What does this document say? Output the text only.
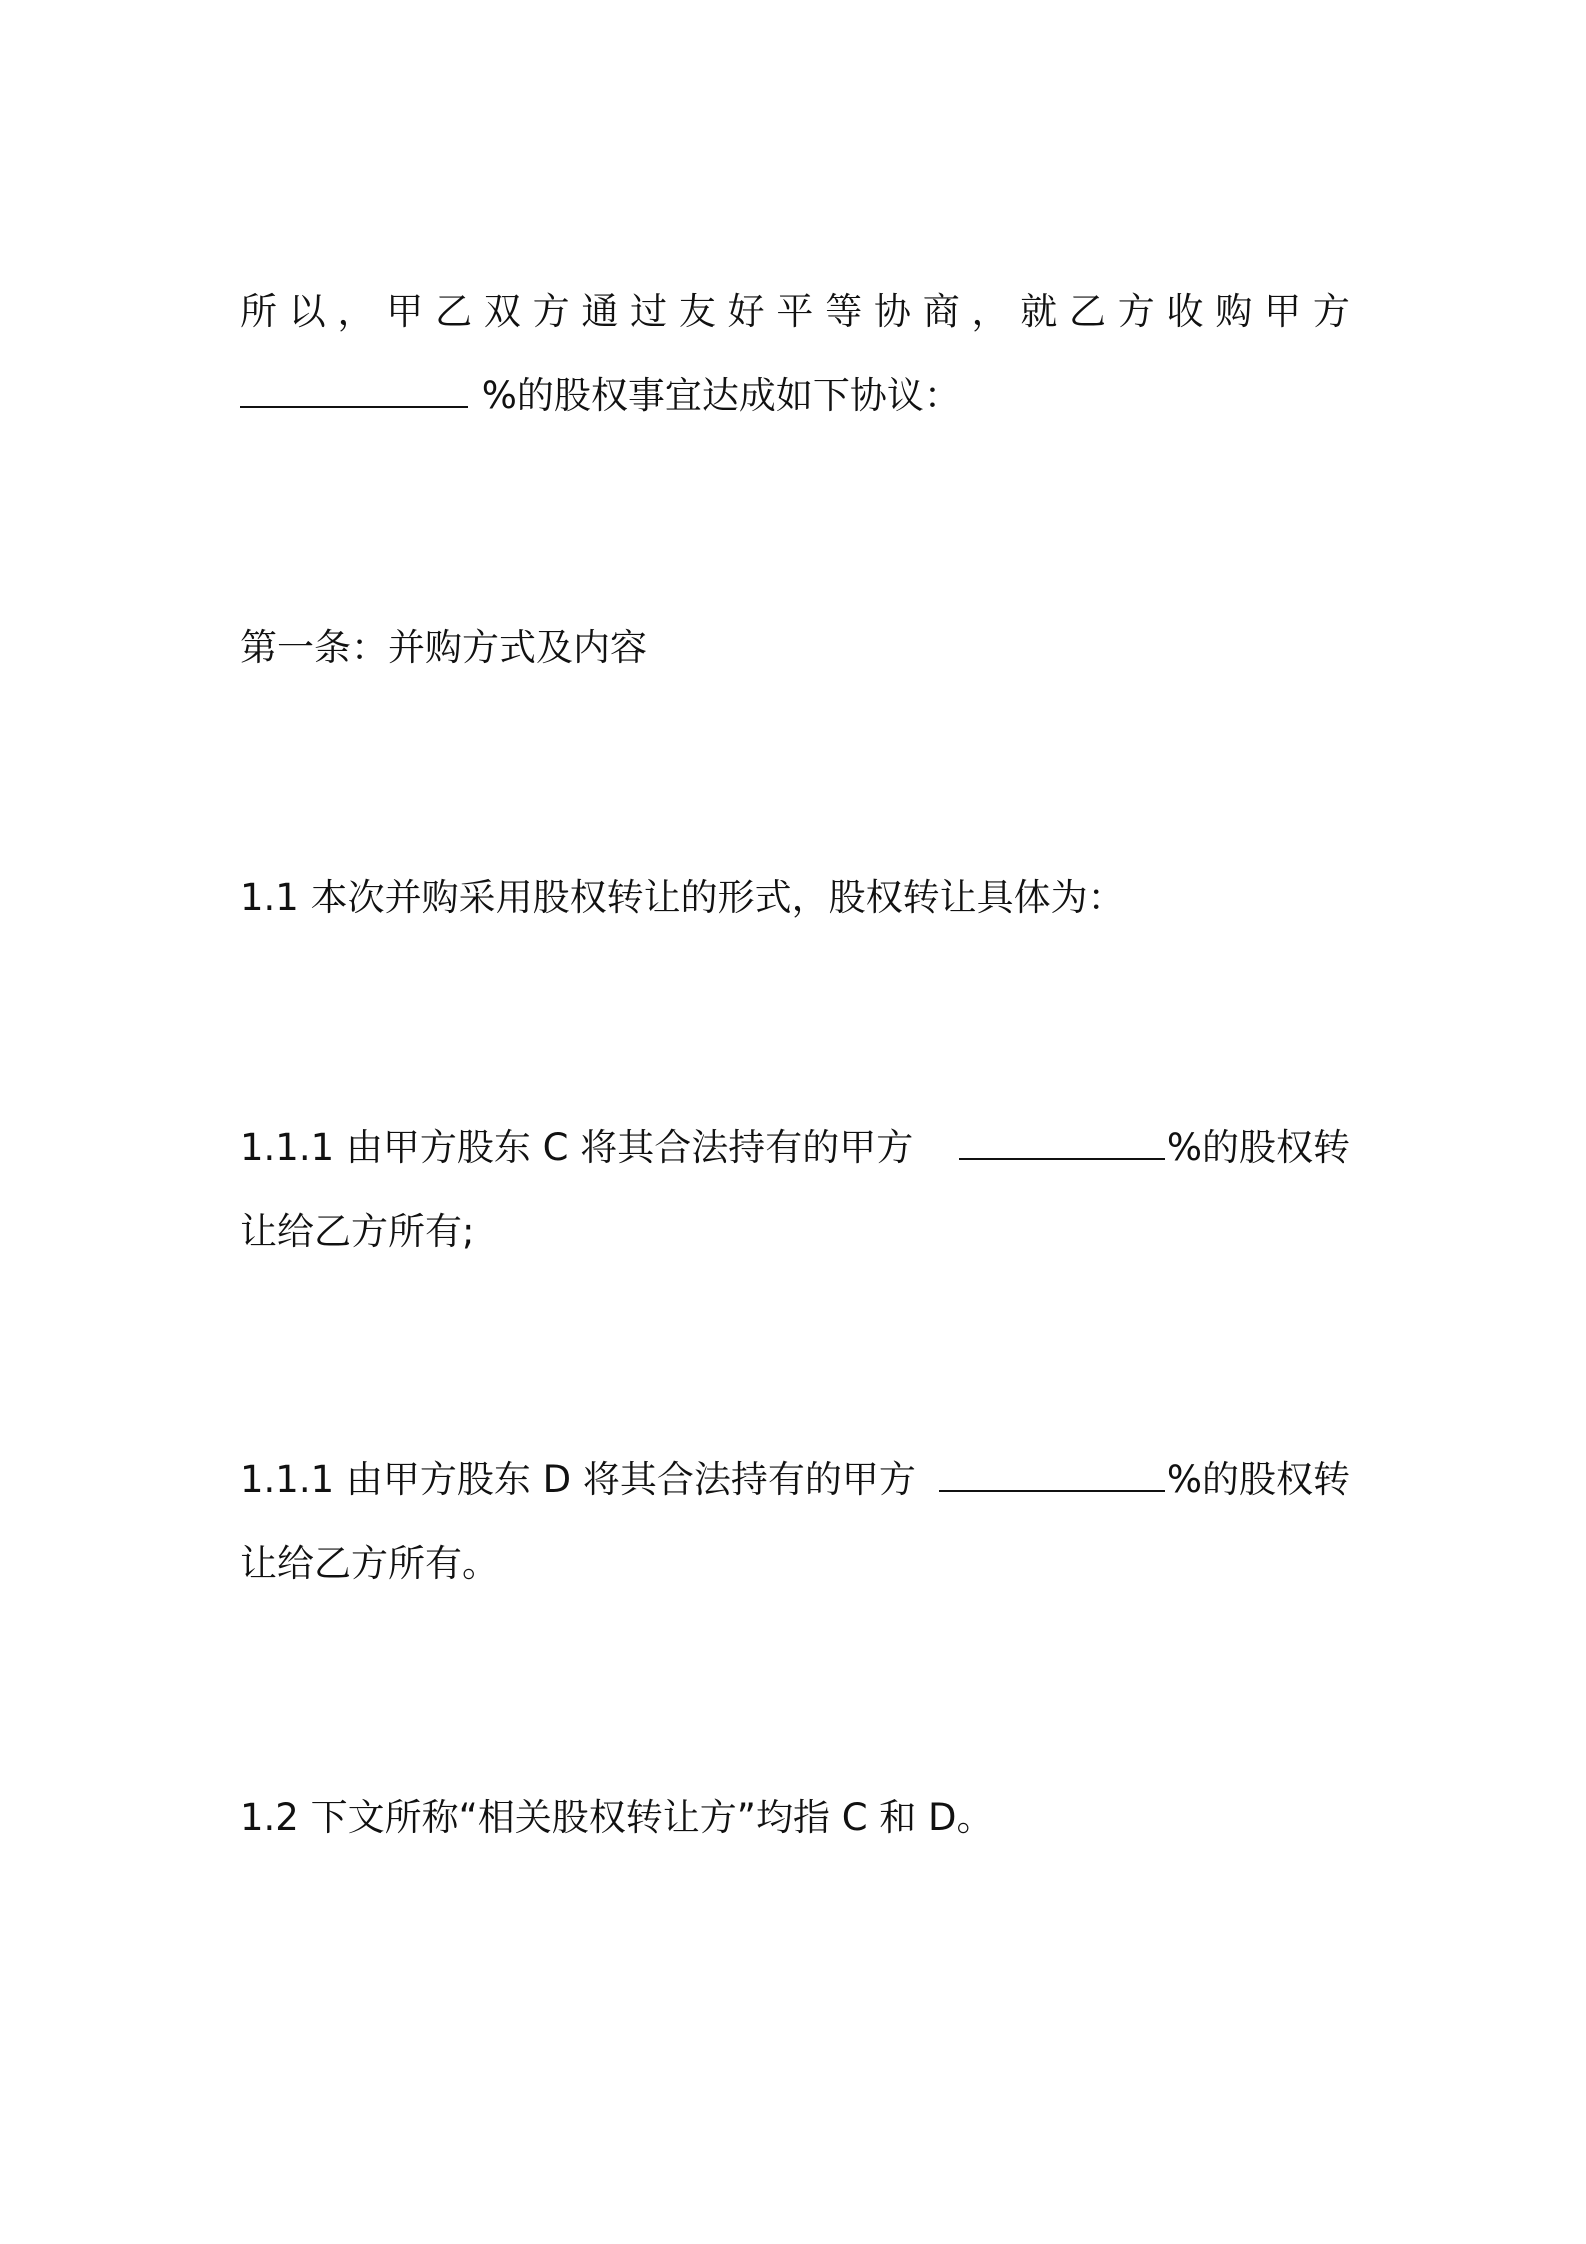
所 以 ， 甲 乙 双 方 通 过 友 好 平 等 协 商 ， 就 乙 方 收 购 甲 方
%的股权事宜达成如下协议：
第一条：并购方式及内容
1.1 本次并购采用股权转让的形式，股权转让具体为：
1.1.1 由甲方股东 C 将其合法持有的甲方	%的股权转
让给乙方所有;
1.1.1 由甲方股东 D 将其合法持有的甲方	%的股权转
让给乙方所有。
1.2 下文所称“相关股权转让方”均指 C 和 D。
